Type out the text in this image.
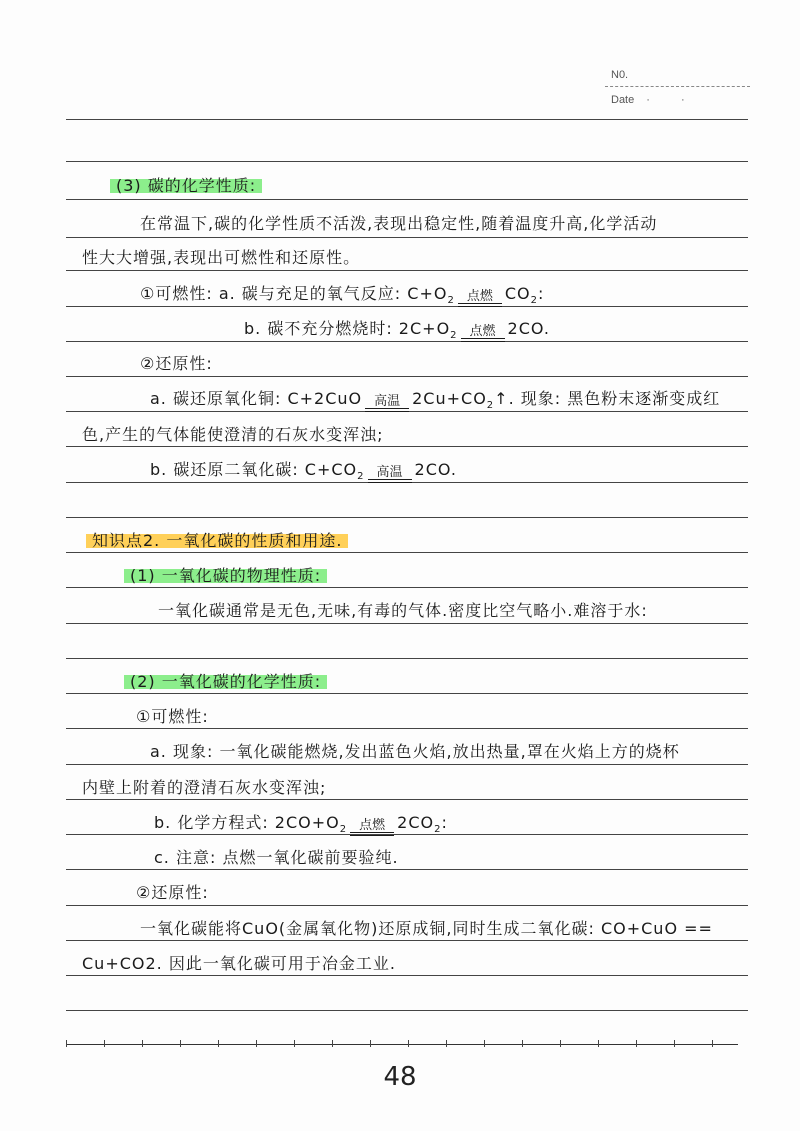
N0.
Date · ·
(3) 碳的化学性质:
在常温下,碳的化学性质不活泼,表现出稳定性,随着温度升高,化学活动
性大大增强,表现出可燃性和还原性。
①可燃性: a. 碳与充足的氧气反应: $C+O_2$ 点燃 $CO_2$:
b. 碳不充分燃烧时: $2C+O_2$ 点燃 2CO.
②还原性:
a. 碳还原氧化铜: C+2CuO 高温 $2Cu+CO_2↑$. 现象: 黑色粉末逐渐变成红
色,产生的气体能使澄清的石灰水变浑浊;
b. 碳还原二氧化碳: $C+CO_2$ 高温 2CO.
知识点2. 一氧化碳的性质和用途.
(1) 一氧化碳的物理性质:
一氧化碳通常是无色,无味,有毒的气体.密度比空气略小.难溶于水:
(2) 一氧化碳的化学性质:
①可燃性:
a. 现象: 一氧化碳能燃烧,发出蓝色火焰,放出热量,罩在火焰上方的烧杯
内壁上附着的澄清石灰水变浑浊;
b. 化学方程式: $2CO+O_2$ 点燃 $2CO_2$:
c. 注意: 点燃一氧化碳前要验纯.
②还原性:
一氧化碳能将CuO(金属氧化物)还原成铜,同时生成二氧化碳: CO+CuO ==
Cu+CO2. 因此一氧化碳可用于冶金工业.
48
